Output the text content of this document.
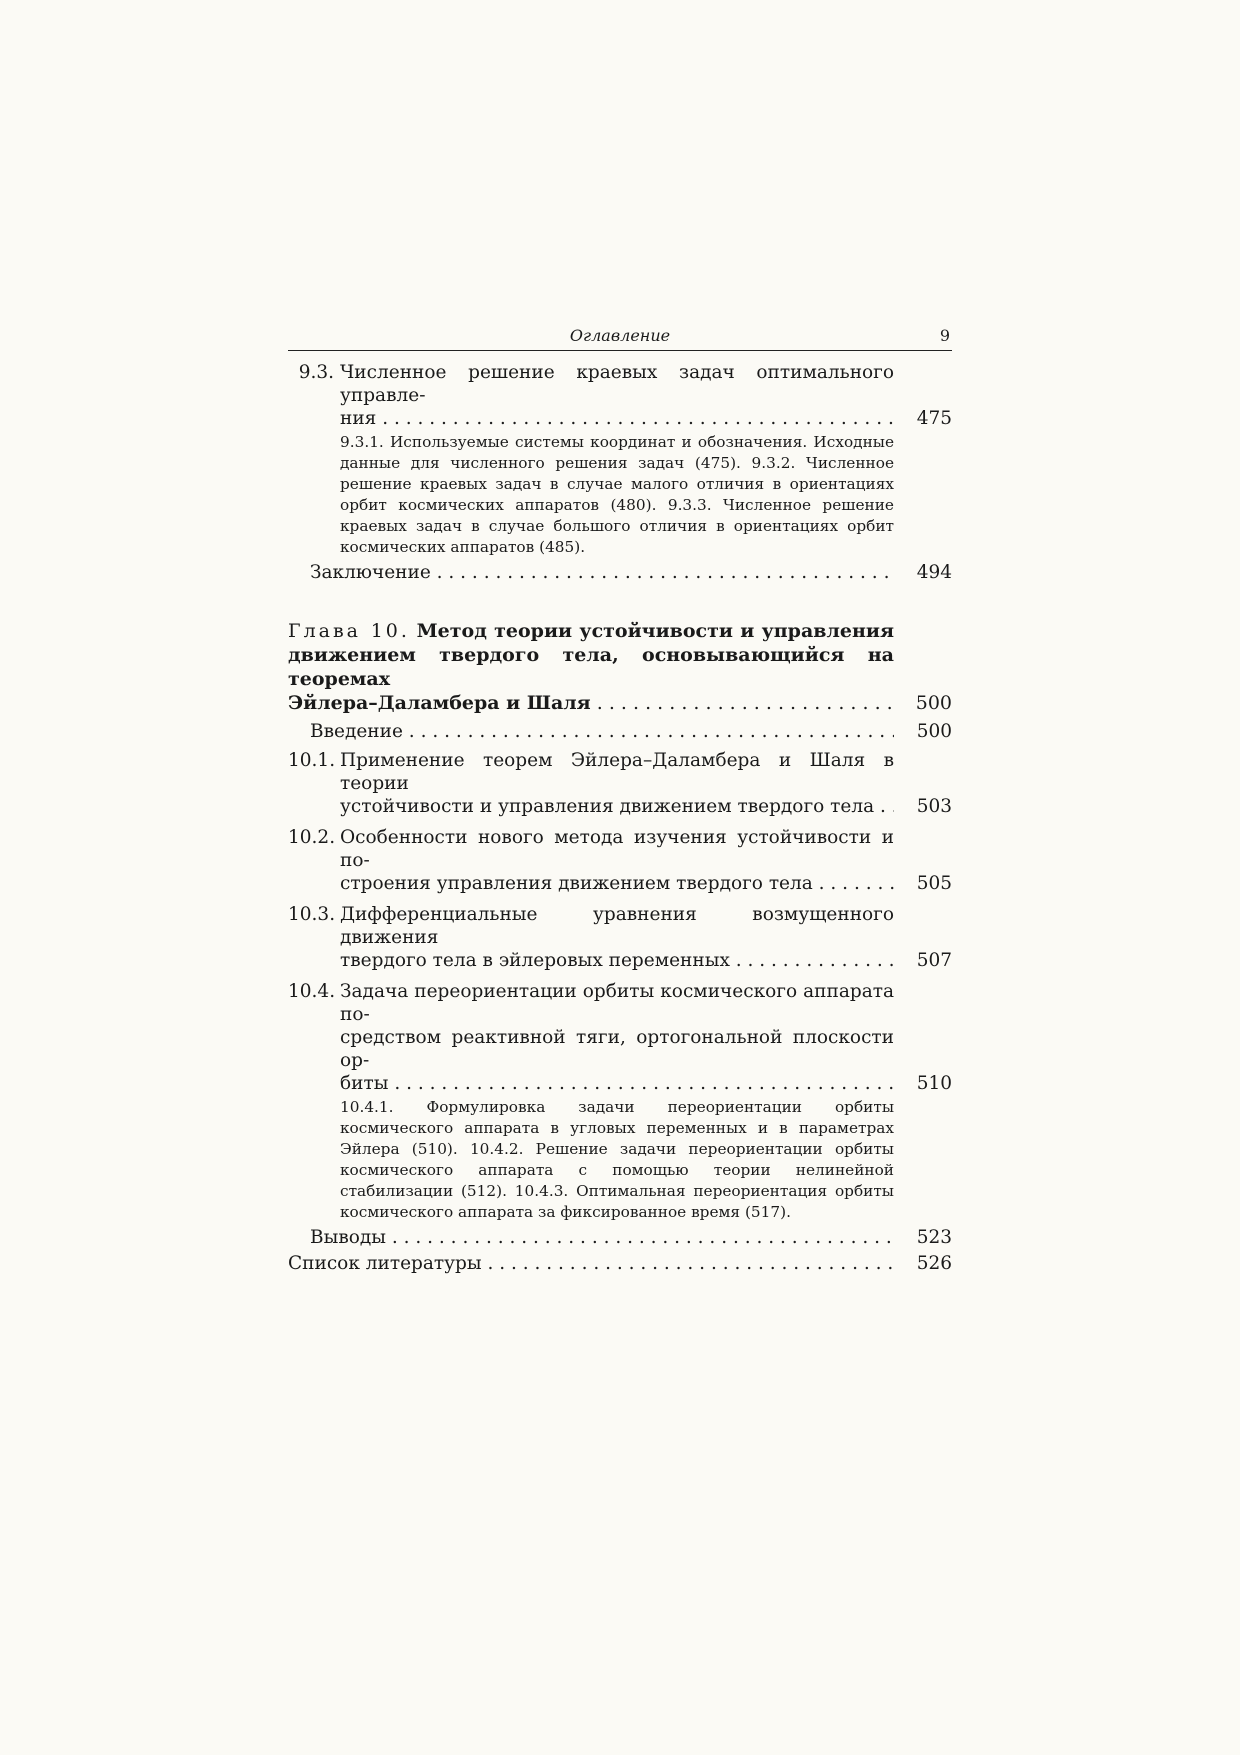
Оглавление	9
9.3. Численное решение краевых задач оптимального управле-
ния . . .	475
9.3.1. Используемые системы координат и обозначения. Исходные данные для численного решения задач (475). 9.3.2. Численное решение краевых задач в случае малого отличия в ориентациях орбит космических аппаратов (480). 9.3.3. Численное решение краевых задач в случае большого отличия в ориентациях орбит космических аппаратов (485).
Заключение . . .	494
Глава 10. Метод теории устойчивости и управления
движением твердого тела, основывающийся на теоремах
Эйлера–Даламбера и Шаля . . .	500
Введение . . .	500
10.1. Применение теорем Эйлера–Даламбера и Шаля в теории
устойчивости и управления движением твердого тела . . .	503
10.2. Особенности нового метода изучения устойчивости и по-
строения управления движением твердого тела . . .	505
10.3. Дифференциальные уравнения возмущенного движения
твердого тела в эйлеровых переменных . . .	507
10.4. Задача переориентации орбиты космического аппарата по-
средством реактивной тяги, ортогональной плоскости ор-
биты . . .	510
10.4.1. Формулировка задачи переориентации орбиты космического аппарата в угловых переменных и в параметрах Эйлера (510). 10.4.2. Решение задачи переориентации орбиты космического аппарата с помощью теории нелинейной стабилизации (512). 10.4.3. Оптимальная переориентация орбиты космического аппарата за фиксированное время (517).
Выводы . . .	523
Список литературы . . .	526
